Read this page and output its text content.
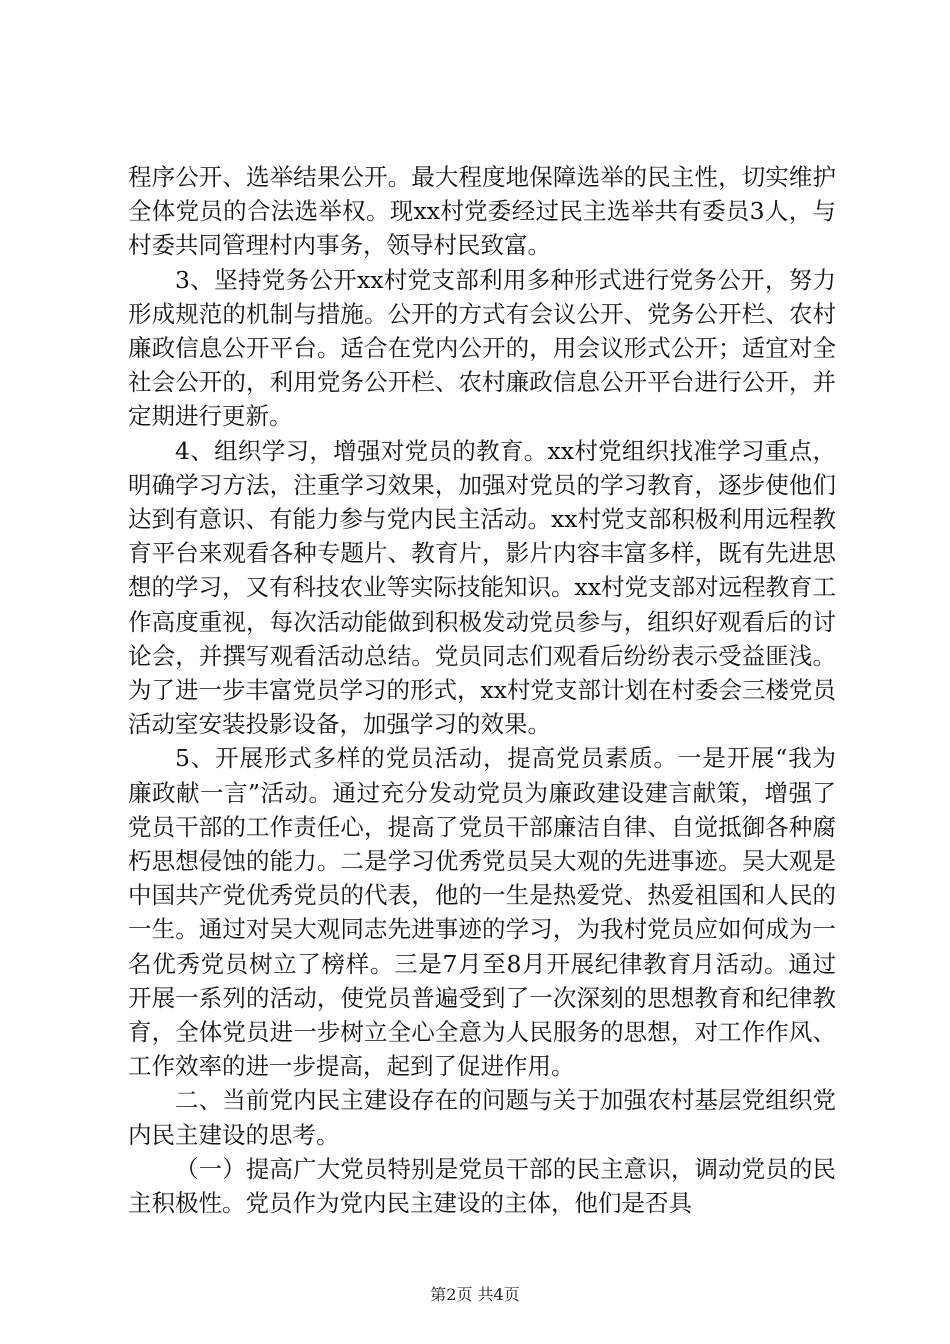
程序公开、选举结果公开。最大程度地保障选举的民主性，切实维护全体党员的合法选举权。现xx村党委经过民主选举共有委员3人，与村委共同管理村内事务，领导村民致富。

3、坚持党务公开xx村党支部利用多种形式进行党务公开，努力形成规范的机制与措施。公开的方式有会议公开、党务公开栏、农村廉政信息公开平台。适合在党内公开的，用会议形式公开；适宜对全社会公开的，利用党务公开栏、农村廉政信息公开平台进行公开，并定期进行更新。

4、组织学习，增强对党员的教育。xx村党组织找准学习重点，明确学习方法，注重学习效果，加强对党员的学习教育，逐步使他们达到有意识、有能力参与党内民主活动。xx村党支部积极利用远程教育平台来观看各种专题片、教育片，影片内容丰富多样，既有先进思想的学习，又有科技农业等实际技能知识。xx村党支部对远程教育工作高度重视，每次活动能做到积极发动党员参与，组织好观看后的讨论会，并撰写观看活动总结。党员同志们观看后纷纷表示受益匪浅。为了进一步丰富党员学习的形式，xx村党支部计划在村委会三楼党员活动室安装投影设备，加强学习的效果。

5、开展形式多样的党员活动，提高党员素质。一是开展“我为廉政献一言”活动。通过充分发动党员为廉政建设建言献策，增强了党员干部的工作责任心，提高了党员干部廉洁自律、自觉抵御各种腐朽思想侵蚀的能力。二是学习优秀党员吴大观的先进事迹。吴大观是中国共产党优秀党员的代表，他的一生是热爱党、热爱祖国和人民的一生。通过对吴大观同志先进事迹的学习，为我村党员应如何成为一名优秀党员树立了榜样。三是7月至8月开展纪律教育月活动。通过开展一系列的活动，使党员普遍受到了一次深刻的思想教育和纪律教育，全体党员进一步树立全心全意为人民服务的思想，对工作作风、工作效率的进一步提高，起到了促进作用。

二、当前党内民主建设存在的问题与关于加强农村基层党组织党内民主建设的思考。

（一）提高广大党员特别是党员干部的民主意识，调动党员的民主积极性。党员作为党内民主建设的主体，他们是否具

第2页 共4页
